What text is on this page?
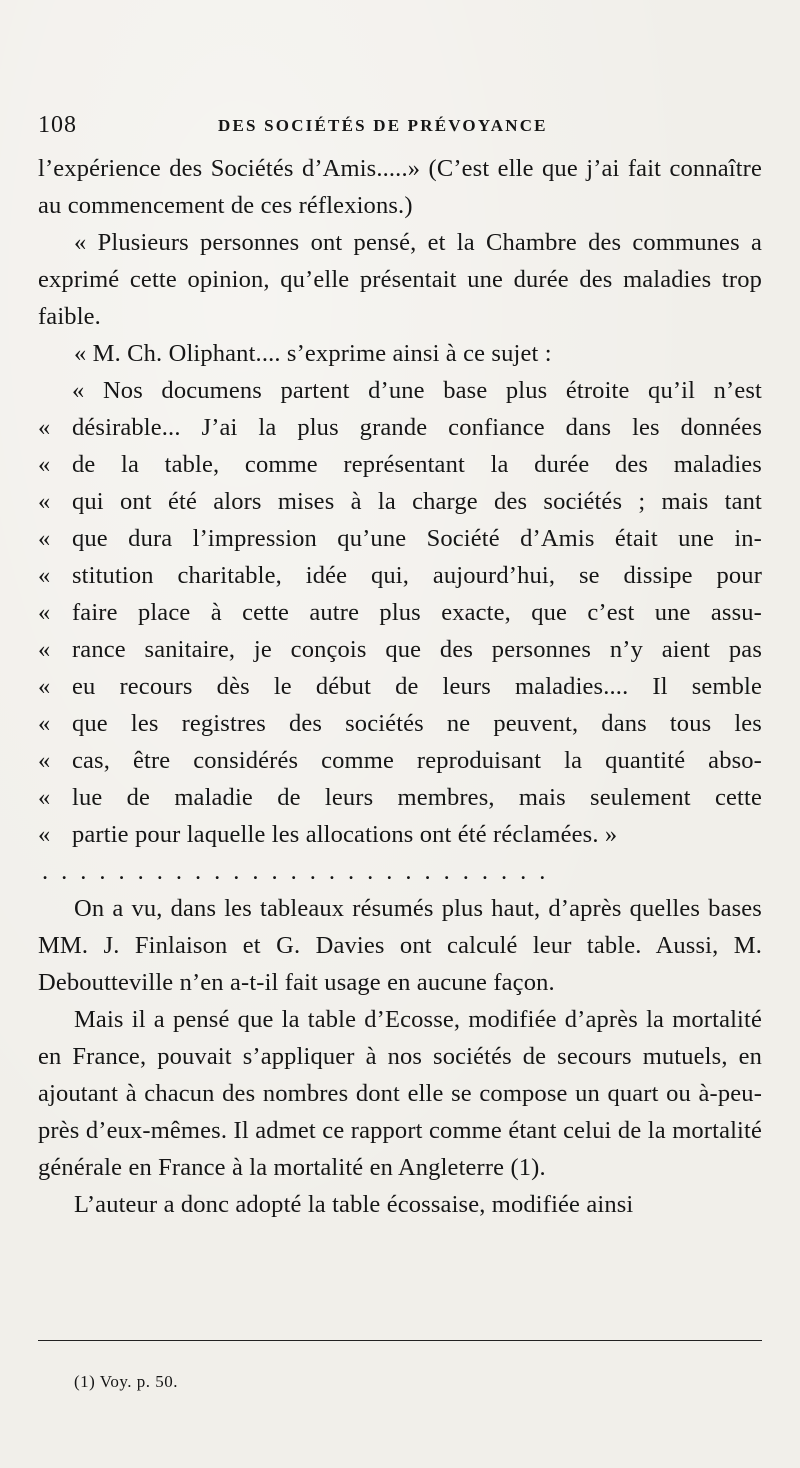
108	DES SOCIÉTÉS DE PRÉVOYANCE

l’expérience des Sociétés d’Amis.....» (C’est elle que j’ai fait connaître au commencement de ces réflexions.)

« Plusieurs personnes ont pensé, et la Chambre des communes a exprimé cette opinion, qu’elle présentait une durée des maladies trop faible.

« M. Ch. Oliphant.... s’exprime ainsi à ce sujet :

« Nos documens partent d’une base plus étroite qu’il n’est
« désirable... J’ai la plus grande confiance dans les données
« de la table, comme représentant la durée des maladies
« qui ont été alors mises à la charge des sociétés ; mais tant
« que dura l’impression qu’une Société d’Amis était une in-
« stitution charitable, idée qui, aujourd’hui, se dissipe pour
« faire place à cette autre plus exacte, que c’est une assu-
« rance sanitaire, je conçois que des personnes n’y aient pas
« eu recours dès le début de leurs maladies.... Il semble
« que les registres des sociétés ne peuvent, dans tous les
« cas, être considérés comme reproduisant la quantité abso-
« lue de maladie de leurs membres, mais seulement cette
« partie pour laquelle les allocations ont été réclamées. »
...........................

On a vu, dans les tableaux résumés plus haut, d’après quelles bases MM. J. Finlaison et G. Davies ont calculé leur table. Aussi, M. Deboutteville n’en a-t-il fait usage en aucune façon.

Mais il a pensé que la table d’Ecosse, modifiée d’après la mortalité en France, pouvait s’appliquer à nos sociétés de secours mutuels, en ajoutant à chacun des nombres dont elle se compose un quart ou à-peu-près d’eux-mêmes. Il admet ce rapport comme étant celui de la mortalité générale en France à la mortalité en Angleterre (1).

L’auteur a donc adopté la table écossaise, modifiée ainsi

(1) Voy. p. 50.
